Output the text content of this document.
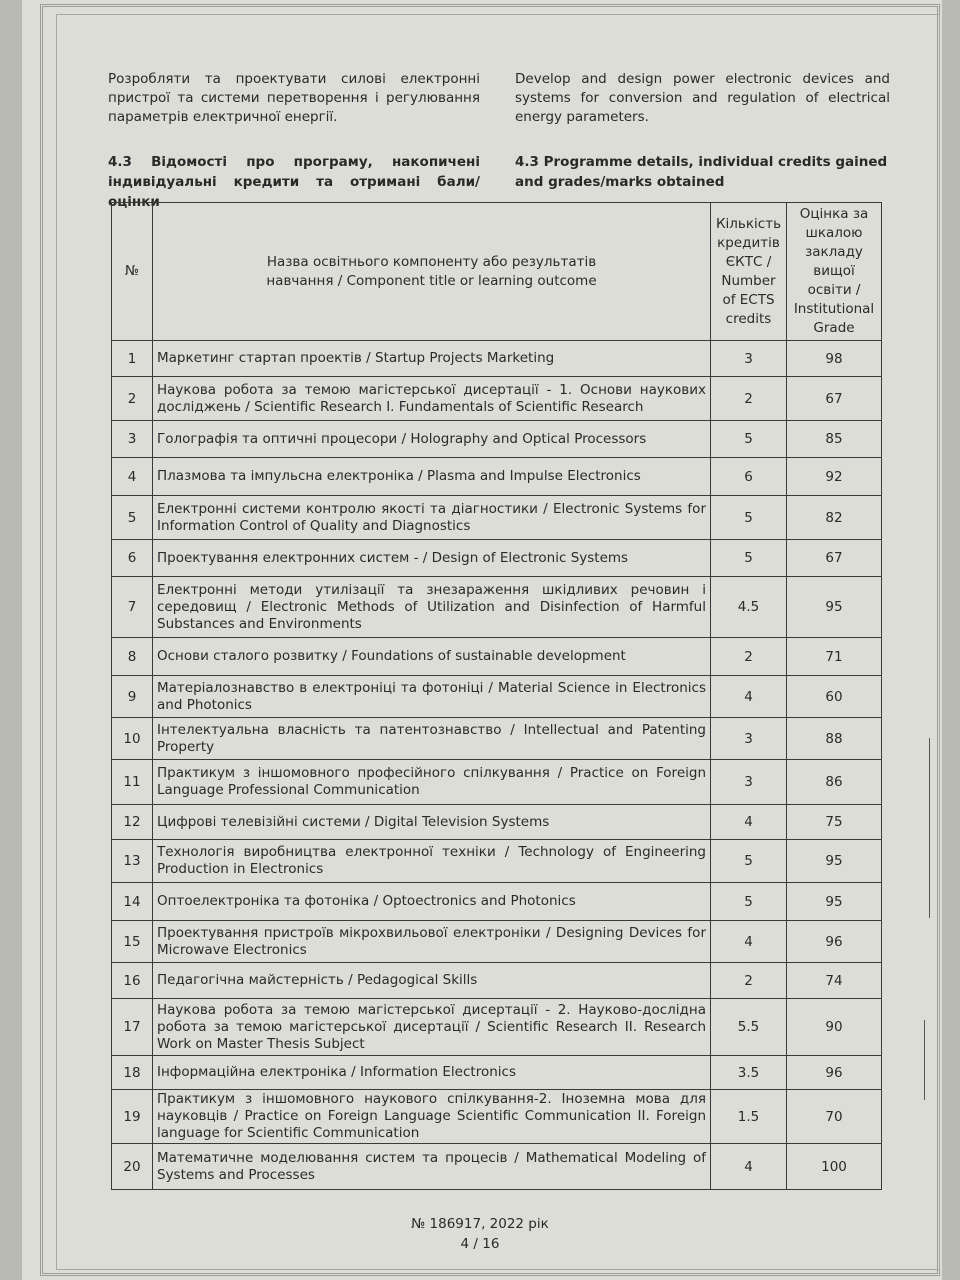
Розробляти та проектувати силові електронні пристрої та системи перетворення і регулювання параметрів електричної енергії.
Develop and design power electronic devices and systems for conversion and regulation of electrical energy parameters.
4.3 Відомості про програму, накопичені індивідуальні кредити та отримані бали/оцінки
4.3 Programme details, individual credits gained and grades/marks obtained
№	Назва освітнього компоненту або результатів навчання / Component title or learning outcome	Кількість кредитів ЄКТС / Number of ECTS credits	Оцінка за шкалою закладу вищої освіти / Institutional Grade
1	Маркетинг стартап проектів / Startup Projects Marketing	3	98
2	Наукова робота за темою магістерської дисертації - 1. Основи наукових досліджень / Scientific Research I. Fundamentals of Scientific Research	2	67
3	Голографія та оптичні процесори / Holography and Optical Processors	5	85
4	Плазмова та імпульсна електроніка / Plasma and Impulse Electronics	6	92
5	Електронні системи контролю якості та діагностики / Electronic Systems for Information Control of Quality and Diagnostics	5	82
6	Проектування електронних систем - / Design of Electronic Systems	5	67
7	Електронні методи утилізації та знезараження шкідливих речовин і середовищ / Electronic Methods of Utilization and Disinfection of Harmful Substances and Environments	4.5	95
8	Основи сталого розвитку / Foundations of sustainable development	2	71
9	Матеріалознавство в електроніці та фотоніці / Material Science in Electronics and Photonics	4	60
10	Інтелектуальна власність та патентознавство / Intellectual and Patenting Property	3	88
11	Практикум з іншомовного професійного спілкування / Practice on Foreign Language Professional Communication	3	86
12	Цифрові телевізійні системи / Digital Television Systems	4	75
13	Технологія виробництва електронної техніки / Technology of Engineering Production in Electronics	5	95
14	Оптоелектроніка та фотоніка / Optoectronics and Photonics	5	95
15	Проектування пристроїв мікрохвильової електроніки / Designing Devices for Microwave Electronics	4	96
16	Педагогічна майстерність / Pedagogical Skills	2	74
17	Наукова робота за темою магістерської дисертації - 2. Науково-дослідна робота за темою магістерської дисертації / Scientific Research II. Research Work on Master Thesis Subject	5.5	90
18	Інформаційна електроніка / Information Electronics	3.5	96
19	Практикум з іншомовного наукового спілкування-2. Іноземна мова для науковців / Practice on Foreign Language Scientific Communication II. Foreign language for Scientific Communication	1.5	70
20	Математичне моделювання систем та процесів / Mathematical Modeling of Systems and Processes	4	100
№ 186917, 2022 рік
4 / 16
